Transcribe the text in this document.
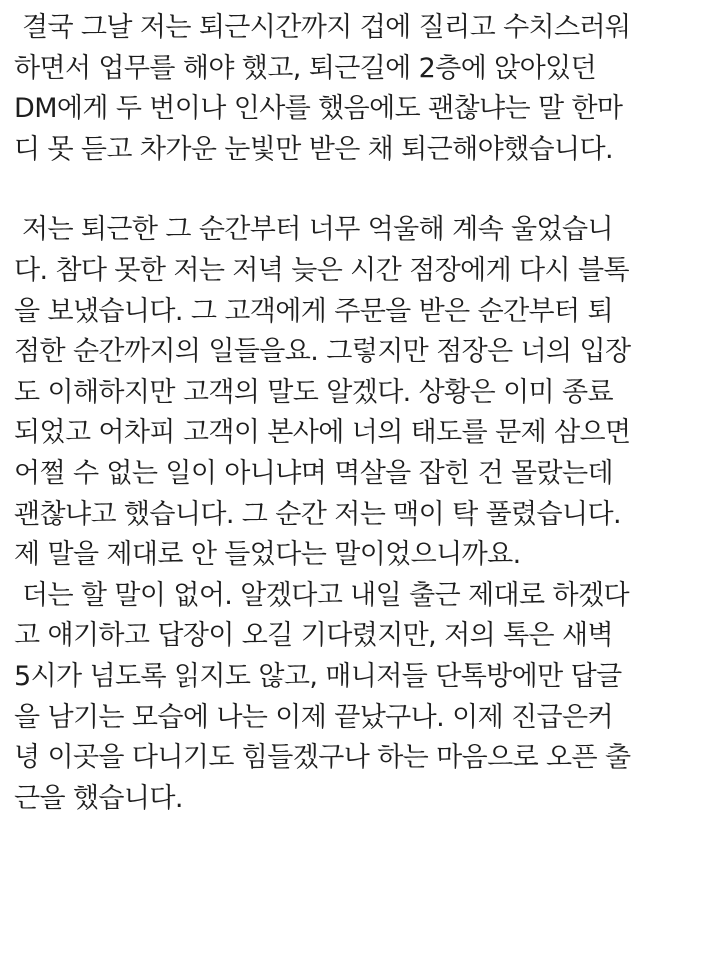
결국 그날 저는 퇴근시간까지 겁에 질리고 수치스러워
하면서 업무를 해야 했고, 퇴근길에 2층에 앉아있던
DM에게 두 번이나 인사를 했음에도 괜찮냐는 말 한마
디 못 듣고 차가운 눈빛만 받은 채 퇴근해야했습니다.
저는 퇴근한 그 순간부터 너무 억울해 계속 울었습니
다. 참다 못한 저는 저녁 늦은 시간 점장에게 다시 블톡
을 보냈습니다. 그 고객에게 주문을 받은 순간부터 퇴
점한 순간까지의 일들을요. 그렇지만 점장은 너의 입장
도 이해하지만 고객의 말도 알겠다. 상황은 이미 종료
되었고 어차피 고객이 본사에 너의 태도를 문제 삼으면
어쩔 수 없는 일이 아니냐며 멱살을 잡힌 건 몰랐는데
괜찮냐고 했습니다. 그 순간 저는 맥이 탁 풀렸습니다.
제 말을 제대로 안 들었다는 말이었으니까요.
더는 할 말이 없어. 알겠다고 내일 출근 제대로 하겠다
고 얘기하고 답장이 오길 기다렸지만, 저의 톡은 새벽
5시가 넘도록 읽지도 않고, 매니저들 단톡방에만 답글
을 남기는 모습에 나는 이제 끝났구나. 이제 진급은커
녕 이곳을 다니기도 힘들겠구나 하는 마음으로 오픈 출
근을 했습니다.
